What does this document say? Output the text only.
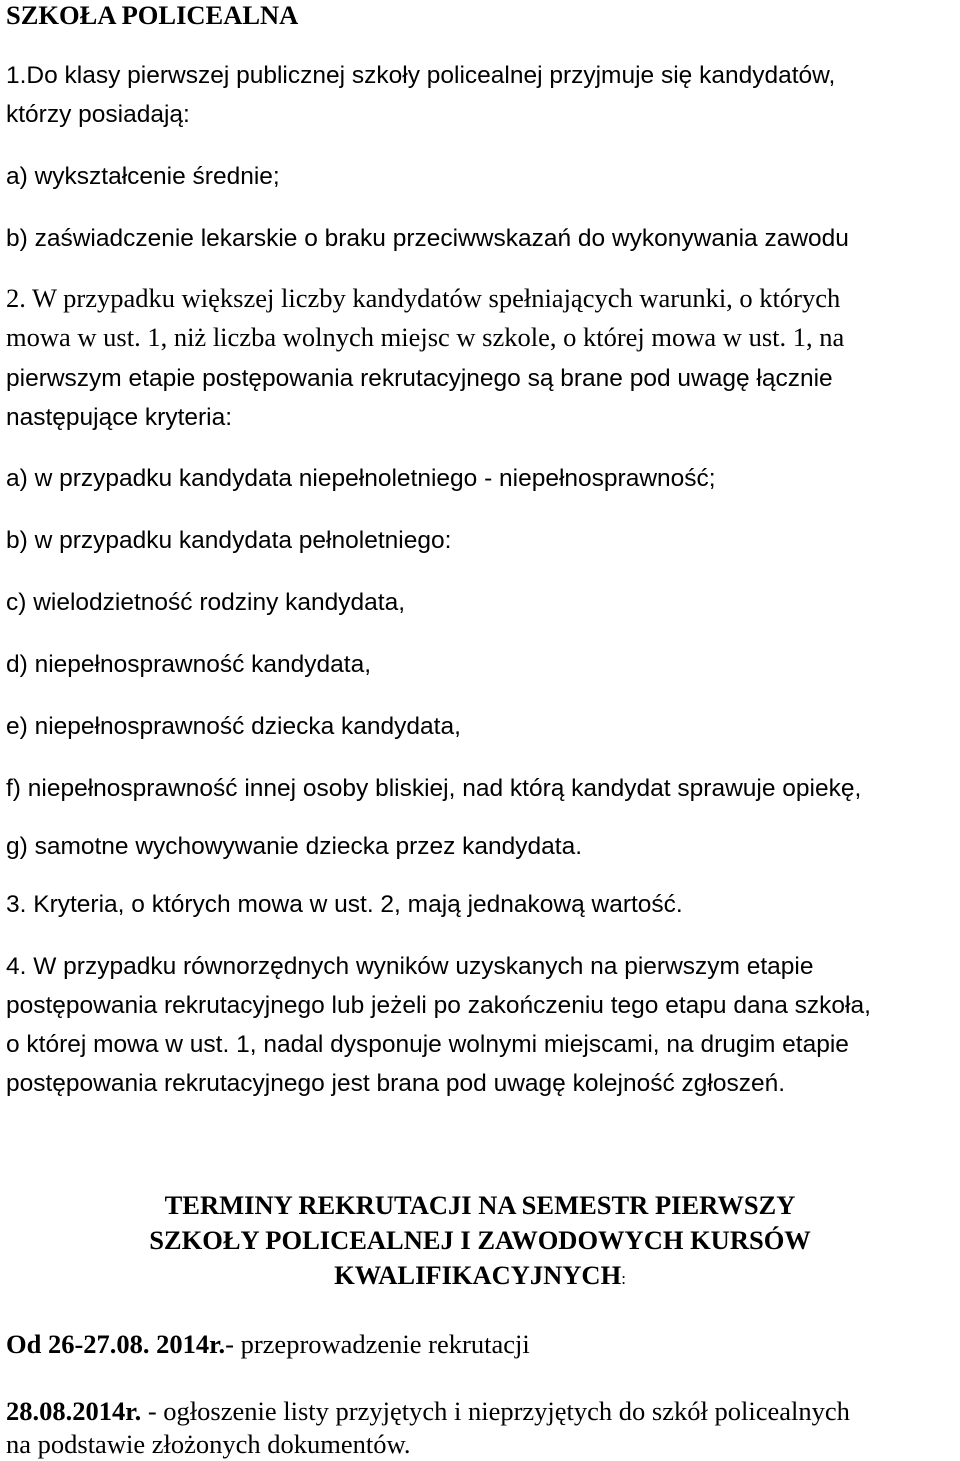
SZKOŁA POLICEALNA
1.Do klasy pierwszej publicznej szkoły policealnej przyjmuje się kandydatów,
którzy posiadają:
a) wykształcenie średnie;
b) zaświadczenie lekarskie o braku przeciwwskazań do wykonywania zawodu
2. W przypadku większej liczby kandydatów spełniających warunki, o których
mowa w ust. 1, niż liczba wolnych miejsc w szkole, o której mowa w ust. 1, na
pierwszym etapie postępowania rekrutacyjnego są brane pod uwagę łącznie
następujące kryteria:
a) w przypadku kandydata niepełnoletniego - niepełnosprawność;
b) w przypadku kandydata pełnoletniego:
c) wielodzietność rodziny kandydata,
d) niepełnosprawność kandydata,
e) niepełnosprawność dziecka kandydata,
f) niepełnosprawność innej osoby bliskiej, nad którą kandydat sprawuje opiekę,
g) samotne wychowywanie dziecka przez kandydata.
3. Kryteria, o których mowa w ust. 2, mają jednakową wartość.
4. W przypadku równorzędnych wyników uzyskanych na pierwszym etapie
postępowania rekrutacyjnego lub jeżeli po zakończeniu tego etapu dana szkoła,
o której mowa w ust. 1, nadal dysponuje wolnymi miejscami, na drugim etapie
postępowania rekrutacyjnego jest brana pod uwagę kolejność zgłoszeń.
TERMINY REKRUTACJI NA SEMESTR PIERWSZY
SZKOŁY POLICEALNEJ I ZAWODOWYCH KURSÓW
KWALIFIKACYJNYCH:
Od 26-27.08. 2014r.- przeprowadzenie rekrutacji
28.08.2014r. - ogłoszenie listy przyjętych i nieprzyjętych do szkół policealnych
na podstawie złożonych dokumentów.
